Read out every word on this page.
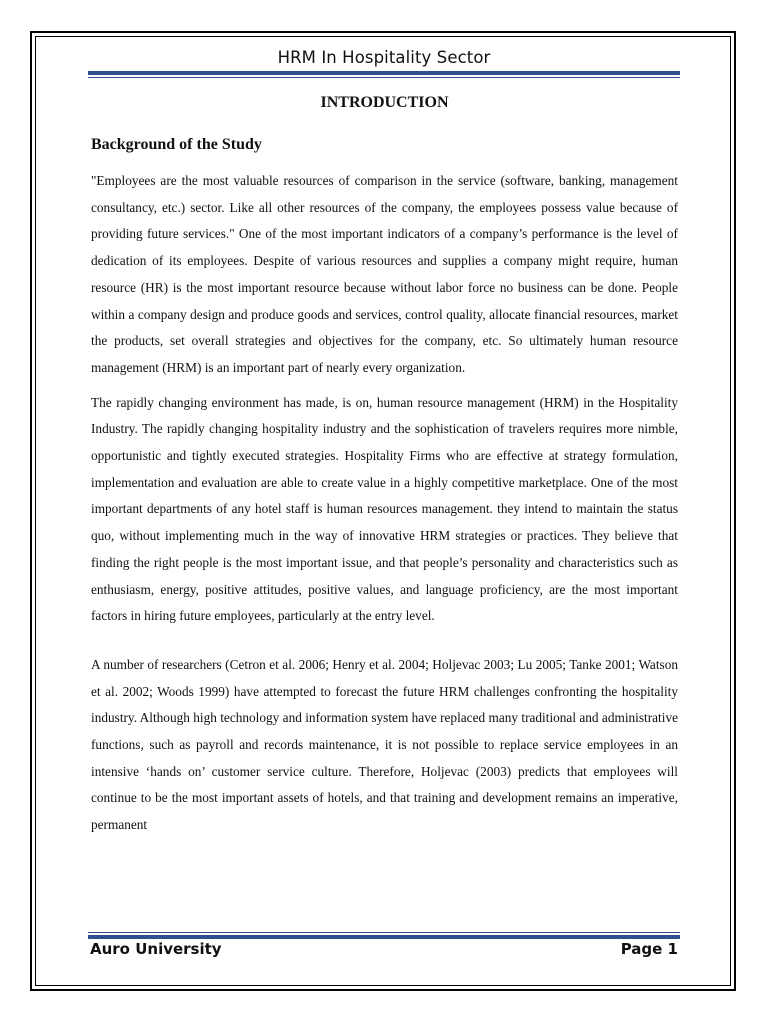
HRM In Hospitality Sector
INTRODUCTION
Background of the Study

"Employees are the most valuable resources of comparison in the service (software, banking, management consultancy, etc.) sector. Like all other resources of the company, the employees possess value because of providing future services." One of the most important indicators of a company’s performance is the level of dedication of its employees. Despite of various resources and supplies a company might require, human resource (HR) is the most important resource because without labor force no business can be done. People within a company design and produce goods and services, control quality, allocate financial resources, market the products, set overall strategies and objectives for the company, etc. So ultimately human resource management (HRM) is an important part of nearly every organization.

The rapidly changing environment has made, is on, human resource management (HRM) in the Hospitality Industry. The rapidly changing hospitality industry and the sophistication of travelers requires more nimble, opportunistic and tightly executed strategies. Hospitality Firms who are effective at strategy formulation, implementation and evaluation are able to create value in a highly competitive marketplace. One of the most important departments of any hotel staff is human resources management. they intend to maintain the status quo, without implementing much in the way of innovative HRM strategies or practices. They believe that finding the right people is the most important issue, and that people’s personality and characteristics such as enthusiasm, energy, positive attitudes, positive values, and language proficiency, are the most important factors in hiring future employees, particularly at the entry level.

A number of researchers (Cetron et al. 2006; Henry et al. 2004; Holjevac 2003; Lu 2005; Tanke 2001; Watson et al. 2002; Woods 1999) have attempted to forecast the future HRM challenges confronting the hospitality industry. Although high technology and information system have replaced many traditional and administrative functions, such as payroll and records maintenance, it is not possible to replace service employees in an intensive ‘hands on’ customer service culture. Therefore, Holjevac (2003) predicts that employees will continue to be the most important assets of hotels, and that training and development remains an imperative, permanent

Auro University	Page 1
